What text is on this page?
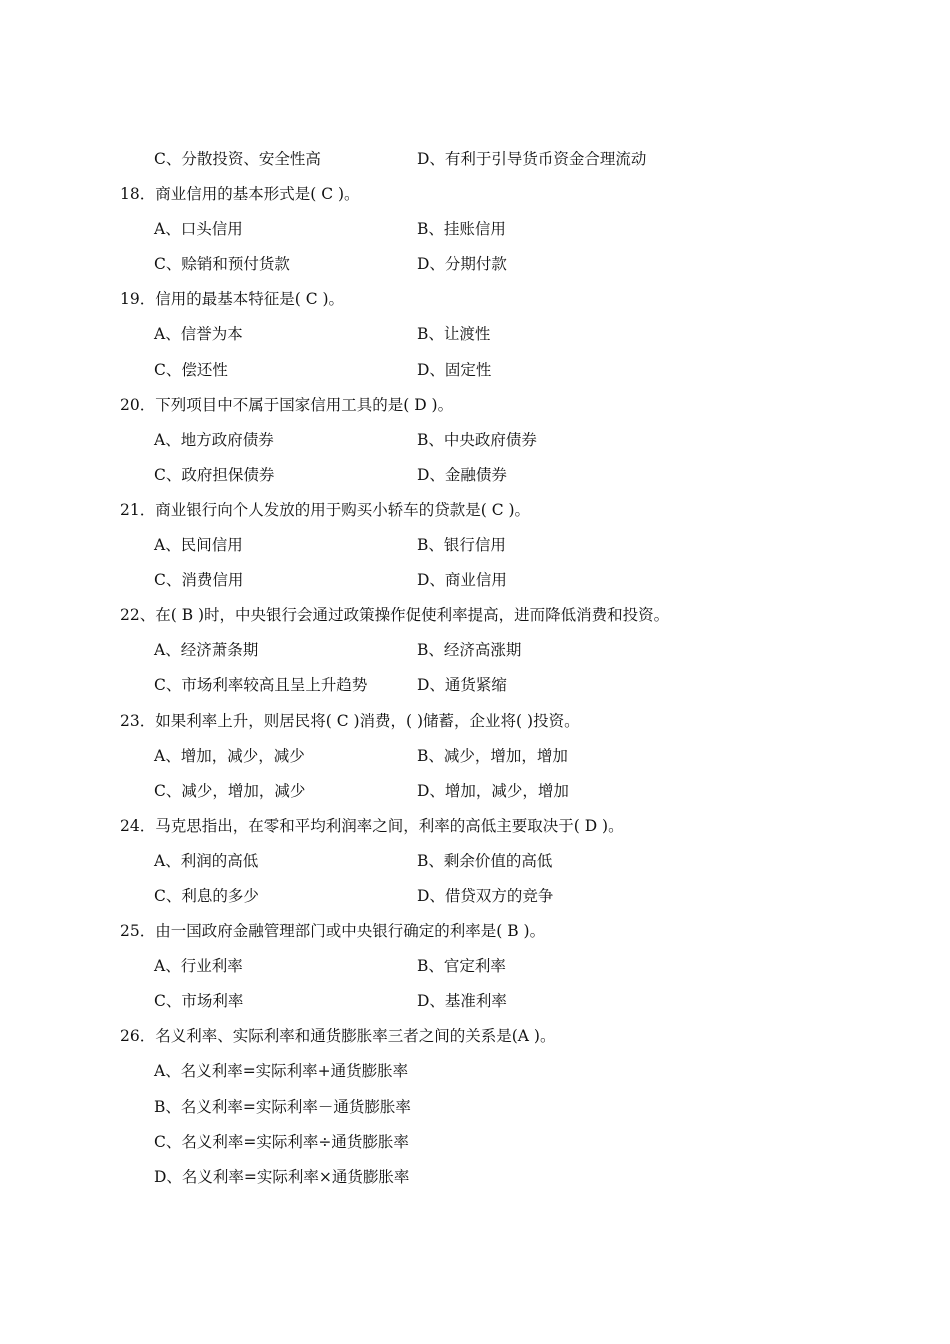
C、分散投资、安全性高	D、有利于引导货币资金合理流动
18．商业信用的基本形式是( C )。
A、口头信用	B、挂账信用
C、赊销和预付货款	D、分期付款
19．信用的最基本特征是( C )。
A、信誉为本	B、让渡性
C、偿还性	D、固定性
20．下列项目中不属于国家信用工具的是( D )。
A、地方政府债券	B、中央政府债券
C、政府担保债券	D、金融债券
21．商业银行向个人发放的用于购买小轿车的贷款是( C )。
A、民间信用	B、银行信用
C、消费信用	D、商业信用
22、在( B )时，中央银行会通过政策操作促使利率提高，进而降低消费和投资。
A、经济萧条期	B、经济高涨期
C、市场利率较高且呈上升趋势	D、通货紧缩
23．如果利率上升，则居民将( C )消费，( )储蓄，企业将( )投资。
A、增加，减少，减少	B、减少，增加，增加
C、减少，增加，减少	D、增加，减少，增加
24．马克思指出，在零和平均利润率之间，利率的高低主要取决于( D )。
A、利润的高低	B、剩余价值的高低
C、利息的多少	D、借贷双方的竞争
25．由一国政府金融管理部门或中央银行确定的利率是( B )。
A、行业利率	B、官定利率
C、市场利率	D、基准利率
26．名义利率、实际利率和通货膨胀率三者之间的关系是(A )。
A、名义利率=实际利率+通货膨胀率
B、名义利率=实际利率－通货膨胀率
C、名义利率=实际利率÷通货膨胀率
D、名义利率=实际利率×通货膨胀率
